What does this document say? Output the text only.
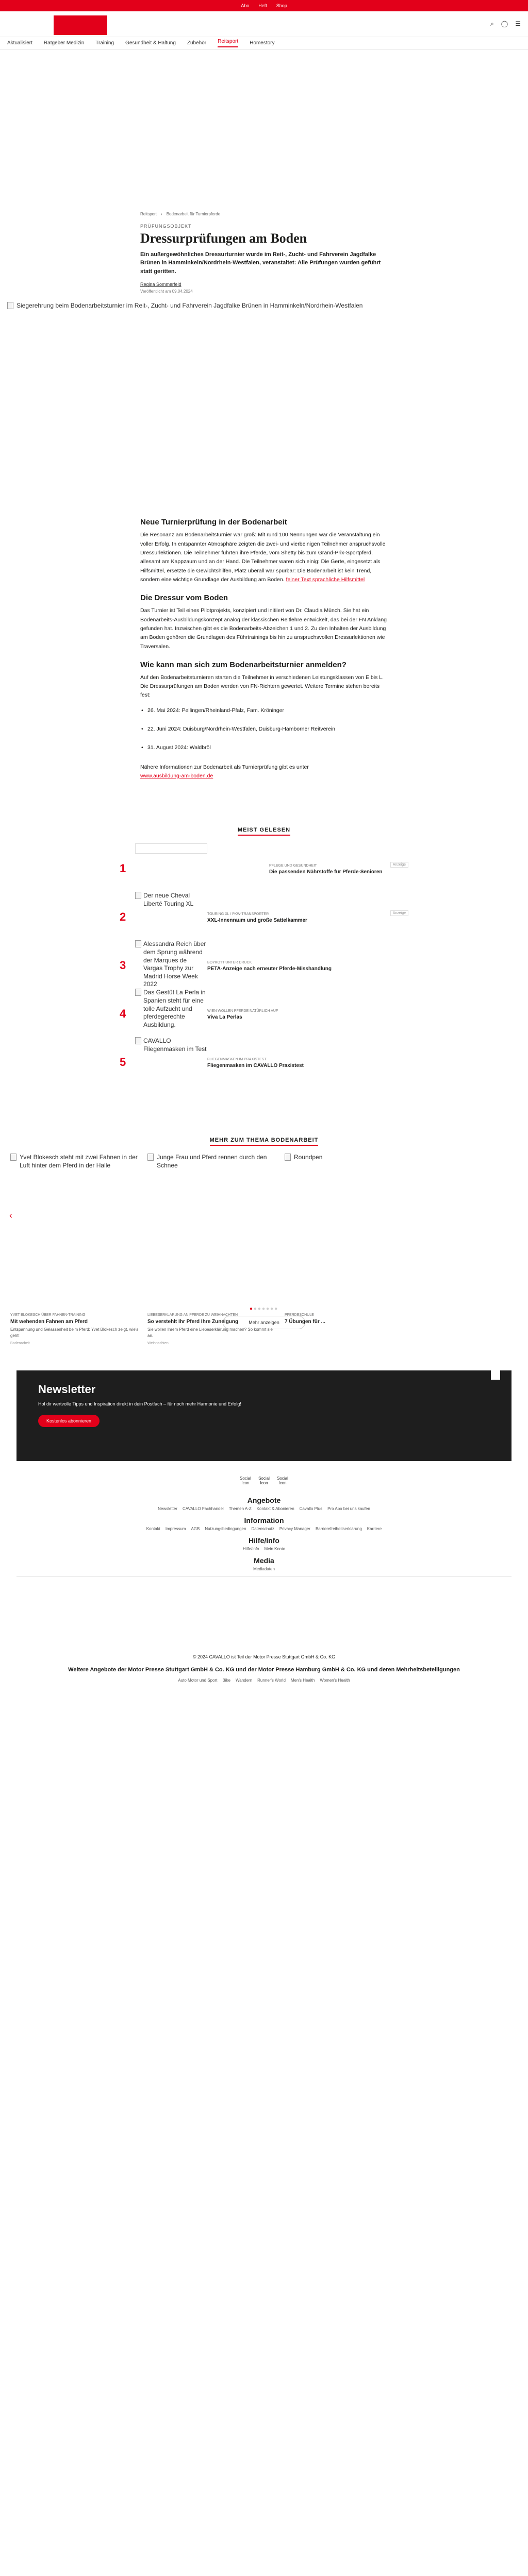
Abo	Heft	Shop
⌕ ◯ ☰
Aktualisiert Ratgeber Medizin Training Gesundheit & Haltung Zubehör Reitsport Homestory
Reitsport › Bodenarbeit für Turnierpferde
PRÜFUNGSOBJEKT
Dressurprüfungen am Boden

Ein außergewöhnliches Dressurturnier wurde im Reit-, Zucht- und Fahrverein Jagdfalke Brünen in Hamminkeln/Nordrhein-Westfalen, veranstaltet: Alle Prüfungen wurden geführt statt geritten.

Regina Sommerfeld
Veröffentlicht am 09.04.2024
Siegerehrung beim Bodenarbeitsturnier im Reit-, Zucht- und Fahrverein Jagdfalke Brünen in Hamminkeln/Nordrhein-Westfalen
Neue Turnierprüfung in der Bodenarbeit

Die Resonanz am Bodenarbeitsturnier war groß: Mit rund 100 Nennungen war die Veranstaltung ein voller Erfolg. In entspannter Atmosphäre zeigten die zwei- und vierbeinigen Teilnehmer anspruchsvolle Dressurlektionen. Die Teilnehmer führten ihre Pferde, vom Shetty bis zum Grand-Prix-Sportpferd, allesamt am Kappzaum und an der Hand. Die Teilnehmer waren sich einig: Die Gerte, eingesetzt als Hilfsmittel, ersetzte die Gewichtshilfen, Platz überall war spürbar: Die Bodenarbeit ist kein Trend, sondern eine wichtige Grundlage der Ausbildung am Boden. feiner Text sprachliche Hilfsmittel

Die Dressur vom Boden

Das Turnier ist Teil eines Pilotprojekts, konzipiert und initiiert von Dr. Claudia Münch. Sie hat ein Bodenarbeits-Ausbildungskonzept analog der klassischen Reitlehre entwickelt, das bei der FN Anklang gefunden hat. Inzwischen gibt es die Bodenarbeits-Abzeichen 1 und 2. Zu den Inhalten der Ausbildung am Boden gehören die Grundlagen des Führtrainings bis hin zu anspruchsvollen Dressurlektionen wie Traversalen.

Wie kann man sich zum Bodenarbeitsturnier anmelden?

Auf den Bodenarbeitsturnieren starten die Teilnehmer in verschiedenen Leistungsklassen von E bis L. Die Dressurprüfungen am Boden werden von FN-Richtern gewertet. Weitere Termine stehen bereits fest:

• 26. Mai 2024: Pellingen/Rheinland-Pfalz, Fam. Kröninger
• 22. Juni 2024: Duisburg/Nordrhein-Westfalen, Duisburg-Hamborner Reitverein
• 31. August 2024: Waldbröl

Nähere Informationen zur Bodenarbeit als Turnierprüfung gibt es unter
www.ausbildung-am-boden.de

MEIST GELESEN
1	PFLEGE UND GESUNDHEIT
Die passenden Nährstoffe für Pferde-Senioren
Anzeige
2
Der neue Cheval Liberté Touring XL
TOURING XL / PKW-TRANSPORTER
XXL-Innenraum und große Sattelkammer
Anzeige
3
Alessandra Reich über dem Sprung während der Marques de Vargas Trophy zur Madrid Horse Week 2022
BOYKOTT UNTER DRUCK
PETA-Anzeige nach erneuter Pferde-Misshandlung
4
Das Gestüt La Perla in Spanien steht für eine tolle Aufzucht und pferdegerechte Ausbildung.
WIEN WOLLEN PFERDE NATÜRLICH AUF
Viva La Perlas
5
CAVALLO Fliegenmasken im Test
FLIEGENMASKEN IM PRAXISTEST
Fliegenmasken im CAVALLO Praxistest
MEHR ZUM THEMA BODENARBEIT
‹
Yvet Blokesch steht mit zwei Fahnen in der Luft hinter dem Pferd in der Halle
YVET BLOKESCH ÜBER FAHNEN-TRAINING
Mit wehenden Fahnen am Pferd
Entspannung und Gelassenheit beim Pferd: Yvet Blokesch zeigt, wie's geht!
Bodenarbeit
Junge Frau und Pferd rennen durch den Schnee
LIEBESERKLÄRUNG AN PFERDE ZU WEIHNACHTEN
So verstehlt Ihr Pferd Ihre Zuneigung
Sie wollen Ihrem Pferd eine Liebeserklärung machen? So kommt sie an.
Weihnachten
Roundpen
PFERDESCHULE
7 Übungen für ...
●●●●●●●
Mehr anzeigen
Newsletter
Hol dir wertvolle Tipps und Inspiration direkt in dein Postfach – für noch mehr Harmonie und Erfolg!
Kostenlos abonnieren
Social Icon
Social Icon
Social Icon
Angebote
Newsletter CAVALLO Fachhandel Themen A-Z Kontakt & Abonieren Cavallo Plus Pro Abo bei uns kaufen
Information
Kontakt Impressum AGB Nutzungsbedingungen Datenschutz Privacy Manager Barrierefreiheitserklärung Karriere
Hilfe/Info
Hilfe/Info Mein Konto
Media
Mediadaten
© 2024 CAVALLO ist Teil der Motor Presse Stuttgart GmbH & Co. KG
Weitere Angebote der Motor Presse Stuttgart GmbH & Co. KG und der Motor Presse Hamburg GmbH & Co. KG und deren Mehrheitsbeteiligungen
Auto Motor und Sport Bike Wandern Runner's World Men's Health Women's Health
